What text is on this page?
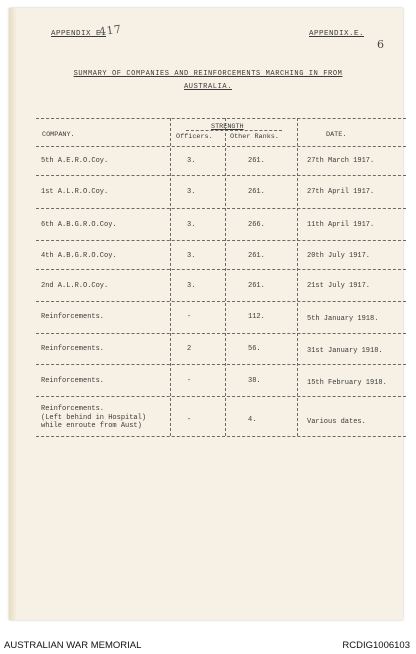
417
APPENDIX E.	APPENDIX.E.
6
SUMMARY OF COMPANIES AND REINFORCEMENTS MARCHING IN FROM
AUSTRALIA.
COMPANY.
STRENGTH
Officers.	Other Ranks.	DATE.
5th A.E.R.O.Coy.	3.	261.	27th March 1917.
1st A.L.R.O.Coy.	3.	261.	27th April 1917.
6th A.B.G.R.O.Coy.	3.	266.	11th April 1917.
4th A.B.G.R.O.Coy.	3.	261.	20th July 1917.
2nd A.L.R.O.Coy.	3.	261.	21st July 1917.
Reinforcements.	-	112.	5th January 1918.
Reinforcements.	2	56.	31st January 1918.
Reinforcements.	-	38.	15th February 1918.
Reinforcements.
(Left behind in Hospital)
while enroute from Aust)
-	4.	Various dates.
AUSTRALIAN WAR MEMORIAL	RCDIG1006103
